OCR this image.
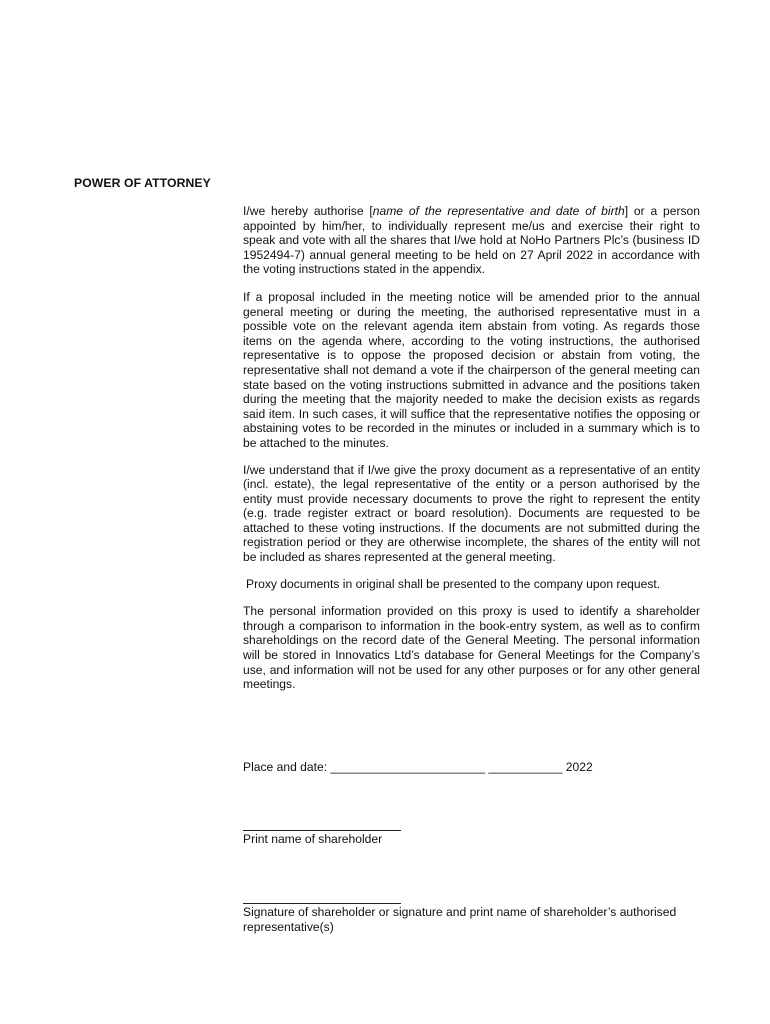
POWER OF ATTORNEY

I/we hereby authorise [name of the representative and date of birth] or a person appointed by him/her, to individually represent me/us and exercise their right to speak and vote with all the shares that I/we hold at NoHo Partners Plc’s (business ID 1952494-7) annual general meeting to be held on 27 April 2022 in accordance with the voting instructions stated in the appendix.

If a proposal included in the meeting notice will be amended prior to the annual general meeting or during the meeting, the authorised representative must in a possible vote on the relevant agenda item abstain from voting. As regards those items on the agenda where, according to the voting instructions, the authorised representative is to oppose the proposed decision or abstain from voting, the representative shall not demand a vote if the chairperson of the general meeting can state based on the voting instructions submitted in advance and the positions taken during the meeting that the majority needed to make the decision exists as regards said item. In such cases, it will suffice that the representative notifies the opposing or abstaining votes to be recorded in the minutes or included in a summary which is to be attached to the minutes.

I/we understand that if I/we give the proxy document as a representative of an entity (incl. estate), the legal representative of the entity or a person authorised by the entity must provide necessary documents to prove the right to represent the entity (e.g. trade register extract or board resolution). Documents are requested to be attached to these voting instructions. If the documents are not submitted during the registration period or they are otherwise incomplete, the shares of the entity will not be included as shares represented at the general meeting.

Proxy documents in original shall be presented to the company upon request.

The personal information provided on this proxy is used to identify a shareholder through a comparison to information in the book-entry system, as well as to confirm shareholdings on the record date of the General Meeting. The personal information will be stored in Innovatics Ltd’s database for General Meetings for the Company’s use, and information will not be used for any other purposes or for any other general meetings.

Place and date: _______________________ ___________ 2022
Print name of shareholder
Signature of shareholder or signature and print name of shareholder’s authorised representative(s)
